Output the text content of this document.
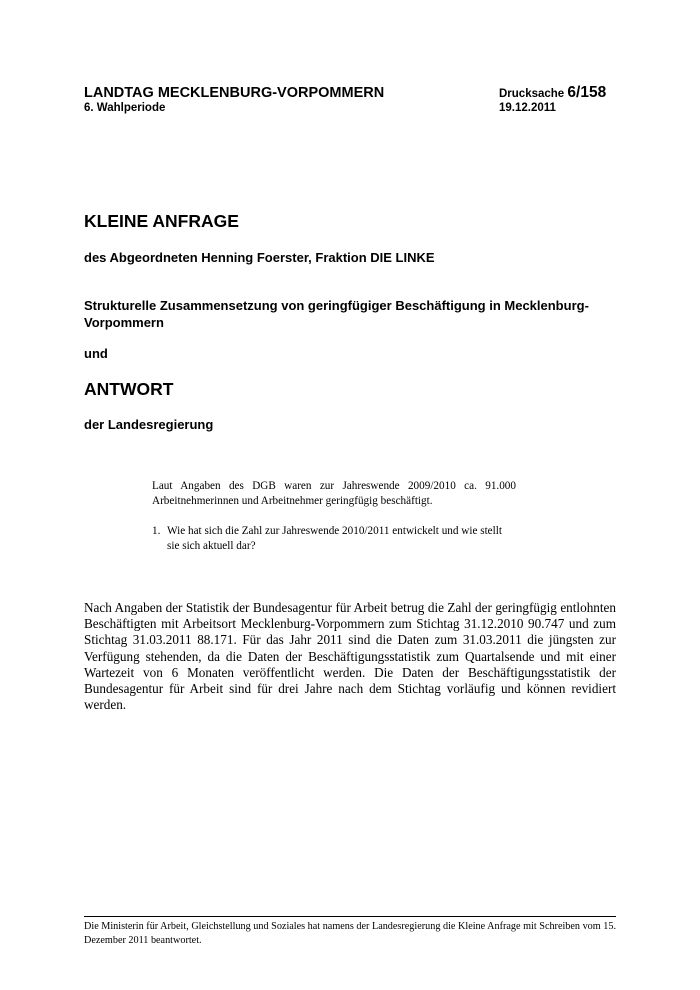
LANDTAG MECKLENBURG-VORPOMMERN
6. Wahlperiode
Drucksache 6/158
19.12.2011
KLEINE ANFRAGE
des Abgeordneten Henning Foerster, Fraktion DIE LINKE
Strukturelle Zusammensetzung von geringfügiger Beschäftigung in Mecklenburg-Vorpommern
und
ANTWORT
der Landesregierung
Laut Angaben des DGB waren zur Jahreswende 2009/2010 ca. 91.000 Arbeitnehmerinnen und Arbeitnehmer geringfügig beschäftigt.
1. Wie hat sich die Zahl zur Jahreswende 2010/2011 entwickelt und wie stellt sie sich aktuell dar?
Nach Angaben der Statistik der Bundesagentur für Arbeit betrug die Zahl der geringfügig entlohnten Beschäftigten mit Arbeitsort Mecklenburg-Vorpommern zum Stichtag 31.12.2010 90.747 und zum Stichtag 31.03.2011 88.171. Für das Jahr 2011 sind die Daten zum 31.03.2011 die jüngsten zur Verfügung stehenden, da die Daten der Beschäftigungsstatistik zum Quartalsende und mit einer Wartezeit von 6 Monaten veröffentlicht werden. Die Daten der Beschäftigungsstatistik der Bundesagentur für Arbeit sind für drei Jahre nach dem Stichtag vorläufig und können revidiert werden.
Die Ministerin für Arbeit, Gleichstellung und Soziales hat namens der Landesregierung die Kleine Anfrage mit Schreiben vom 15. Dezember 2011 beantwortet.
